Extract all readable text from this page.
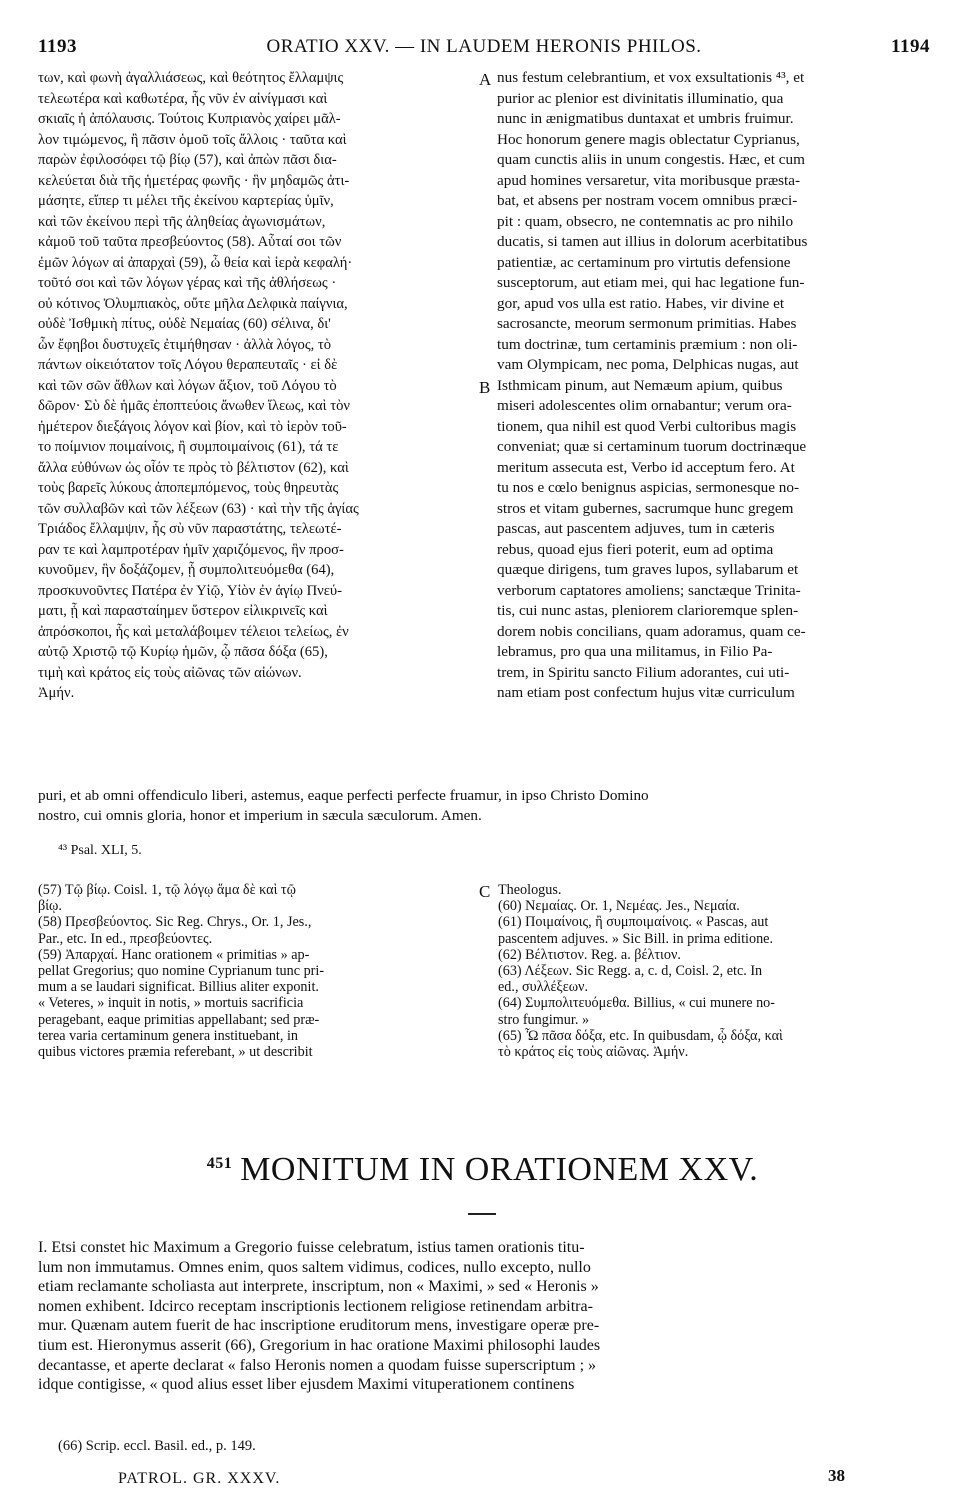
1193	ORATIO XXV. — IN LAUDEM HERONIS PHILOS.	1194
των, καὶ φωνὴ ἀγαλλιάσεως, καὶ θεότητος ἔλλαμψις
τελεωτέρα καὶ καθωτέρα, ἧς νῦν ἐν αἰνίγμασι καὶ
σκιαῖς ἡ ἀπόλαυσις. Τούτοις Κυπριανὸς χαίρει μᾶλ-
λον τιμώμενος, ἢ πᾶσιν ὁμοῦ τοῖς ἄλλοις · ταῦτα καὶ
παρὼν ἐφιλοσόφει τῷ βίῳ (57), καὶ ἀπὼν πᾶσι δια-
κελεύεται διὰ τῆς ἡμετέρας φωνῆς · ἣν μηδαμῶς ἀτι-
μάσητε, εἴπερ τι μέλει τῆς ἐκείνου καρτερίας ὑμῖν,
καὶ τῶν ἐκείνου περὶ τῆς ἀληθείας ἀγωνισμάτων,
κἀμοῦ τοῦ ταῦτα πρεσβεύοντος (58). Αὗταί σοι τῶν
ἐμῶν λόγων αἱ ἀπαρχαὶ (59), ὦ θεία καὶ ἱερὰ κεφαλή·
τοῦτό σοι καὶ τῶν λόγων γέρας καὶ τῆς ἀθλήσεως ·
οὐ κότινος Ὀλυμπιακὸς, οὔτε μῆλα Δελφικὰ παίγνια,
οὐδὲ Ἰσθμικὴ πίτυς, οὐδὲ Νεμαίας (60) σέλινα, δι'
ὧν ἔφηβοι δυστυχεῖς ἐτιμήθησαν · ἀλλὰ λόγος, τὸ
πάντων οἰκειότατον τοῖς Λόγου θεραπευταῖς · εἰ δὲ
καὶ τῶν σῶν ἄθλων καὶ λόγων ἄξιον, τοῦ Λόγου τὸ
δῶρον· Σὺ δὲ ἡμᾶς ἐποπτεύοις ἄνωθεν ἵλεως, καὶ τὸν
ἡμέτερον διεξάγοις λόγον καὶ βίον, καὶ τὸ ἱερὸν τοῦ-
το ποίμνιον ποιμαίνοις, ἢ συμποιμαίνοις (61), τά τε
ἄλλα εὐθύνων ὡς οἷόν τε πρὸς τὸ βέλτιστον (62), καὶ
τοὺς βαρεῖς λύκους ἀποπεμπόμενος, τοὺς θηρευτὰς
τῶν συλλαβῶν καὶ τῶν λέξεων (63) · καὶ τὴν τῆς ἁγίας
Τριάδος ἔλλαμψιν, ἧς σὺ νῦν παραστάτης, τελεωτέ-
ραν τε καὶ λαμπροτέραν ἡμῖν χαριζόμενος, ἣν προσ-
κυνοῦμεν, ἣν δοξάζομεν, ᾗ συμπολιτευόμεθα (64),
προσκυνοῦντες Πατέρα ἐν Υἱῷ, Υἱὸν ἐν ἁγίῳ Πνεύ-
ματι, ᾗ καὶ παρασταίημεν ὕστερον εἰλικρινεῖς καὶ
ἀπρόσκοποι, ἧς καὶ μεταλάβοιμεν τέλειοι τελείως, ἐν
αὐτῷ Χριστῷ τῷ Κυρίῳ ἡμῶν, ᾧ πᾶσα δόξα (65),
τιμὴ καὶ κράτος εἰς τοὺς αἰῶνας τῶν αἰώνων.
Ἀμήν.
nus festum celebrantium, et vox exsultationis ⁴³, et
purior ac plenior est divinitatis illuminatio, qua
nunc in ænigmatibus duntaxat et umbris fruimur.
Hoc honorum genere magis oblectatur Cyprianus,
quam cunctis aliis in unum congestis. Hæc, et cum
apud homines versaretur, vita moribusque præsta-
bat, et absens per nostram vocem omnibus præci-
pit : quam, obsecro, ne contemnatis ac pro nihilo
ducatis, si tamen aut illius in dolorum acerbitatibus
patientiæ, ac certaminum pro virtutis defensione
susceptorum, aut etiam mei, qui hac legatione fun-
gor, apud vos ulla est ratio. Habes, vir divine et
sacrosancte, meorum sermonum primitias. Habes
tum doctrinæ, tum certaminis præmium : non oli-
vam Olympicam, nec poma, Delphicas nugas, aut
Isthmicam pinum, aut Nemæum apium, quibus
miseri adolescentes olim ornabantur; verum ora-
tionem, qua nihil est quod Verbi cultoribus magis
conveniat; quæ si certaminum tuorum doctrinæque
meritum assecuta est, Verbo id acceptum fero. At
tu nos e cœlo benignus aspicias, sermonesque no-
stros et vitam gubernes, sacrumque hunc gregem
pascas, aut pascentem adjuves, tum in cæteris
rebus, quoad ejus fieri poterit, eum ad optima
quæque dirigens, tum graves lupos, syllabarum et
verborum captatores amoliens; sanctæque Trinita-
tis, cui nunc astas, pleniorem clarioremque splen-
dorem nobis concilians, quam adoramus, quam ce-
lebramus, pro qua una militamus, in Filio Pa-
trem, in Spiritu sancto Filium adorantes, cui uti-
nam etiam post confectum hujus vitæ curriculum
A
B
C
puri, et ab omni offendiculo liberi, astemus, eaque perfecti perfecte fruamur, in ipso Christo Domino
nostro, cui omnis gloria, honor et imperium in sæcula sæculorum. Amen.
⁴³ Psal. XLI, 5.
(57) Τῷ βίῳ. Coisl. 1, τῷ λόγῳ ἅμα δὲ καὶ τῷ
βίῳ.
(58) Πρεσβεύοντος. Sic Reg. Chrys., Or. 1, Jes.,
Par., etc. In ed., πρεσβεύοντες.
(59) Ἀπαρχαί. Hanc orationem « primitias » ap-
pellat Gregorius; quo nomine Cyprianum tunc pri-
mum a se laudari significat. Billius aliter exponit.
« Veteres, » inquit in notis, » mortuis sacrificia
peragebant, eaque primitias appellabant; sed præ-
terea varia certaminum genera instituebant, in
quibus victores præmia referebant, » ut describit
Theologus.
(60) Νεμαίας. Or. 1, Νεμέας. Jes., Νεμαία.
(61) Ποιμαίνοις, ἢ συμποιμαίνοις. « Pascas, aut
pascentem adjuves. » Sic Bill. in prima editione.
(62) Βέλτιστον. Reg. a. βέλτιον.
(63) Λέξεων. Sic Regg. a, c. d, Coisl. 2, etc. In
ed., συλλέξεων.
(64) Συμπολιτευόμεθα. Billius, « cui munere no-
stro fungimur. »
(65) Ὦ πᾶσα δόξα, etc. In quibusdam, ᾧ δόξα, καὶ
τὸ κράτος εἰς τοὺς αἰῶνας. Ἀμήν.
$^{451}$ MONITUM IN ORATIONEM XXV.
I. Etsi constet hic Maximum a Gregorio fuisse celebratum, istius tamen orationis titu-
lum non immutamus. Omnes enim, quos saltem vidimus, codices, nullo excepto, nullo
etiam reclamante scholiasta aut interprete, inscriptum, non « Maximi, » sed « Heronis »
nomen exhibent. Idcirco receptam inscriptionis lectionem religiose retinendam arbitra-
mur. Quænam autem fuerit de hac inscriptione eruditorum mens, investigare operæ pre-
tium est. Hieronymus asserit (66), Gregorium in hac oratione Maximi philosophi laudes
decantasse, et aperte declarat « falso Heronis nomen a quodam fuisse superscriptum ; »
idque contigisse, « quod alius esset liber ejusdem Maximi vituperationem continens
(66) Scrip. eccl. Basil. ed., p. 149.
PATROL. GR. XXXV.	38
